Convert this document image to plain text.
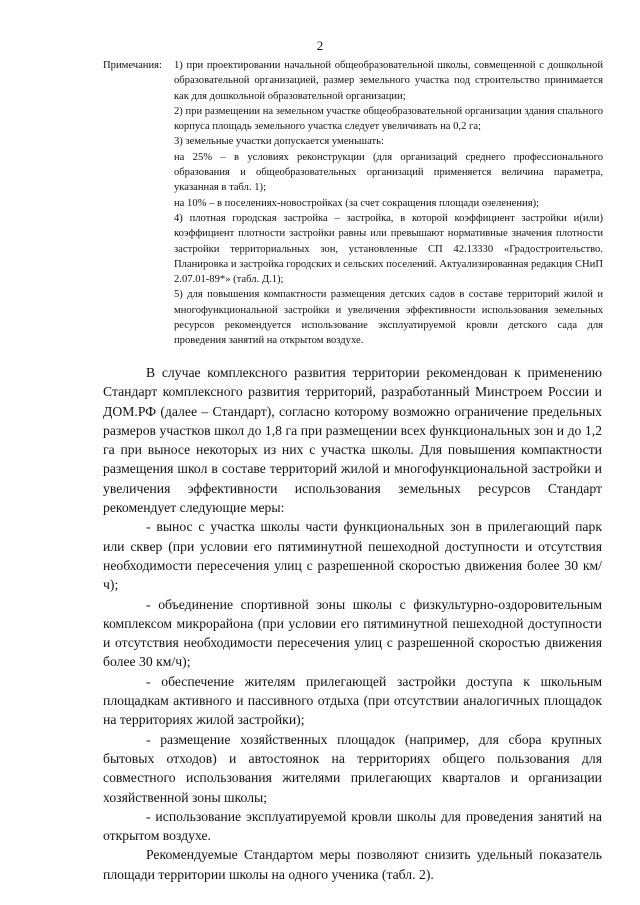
2
Примечания: 1) при проектировании начальной общеобразовательной школы, совмещенной с дошкольной образовательной организацией, размер земельного участка под строительство принимается как для дошкольной образовательной организации;
2) при размещении на земельном участке общеобразовательной организации здания спального корпуса площадь земельного участка следует увеличивать на 0,2 га;
3) земельные участки допускается уменьшать:
на 25% – в условиях реконструкции (для организаций среднего профессионального образования и общеобразовательных организаций применяется величина параметра, указанная в табл. 1);
на 10% – в поселениях-новостройках (за счет сокращения площади озеленения);
4) плотная городская застройка – застройка, в которой коэффициент застройки и(или) коэффициент плотности застройки равны или превышают нормативные значения плотности застройки территориальных зон, установленные СП 42.13330 «Градостроительство. Планировка и застройка городских и сельских поселений. Актуализированная редакция СНиП 2.07.01-89*» (табл. Д.1);
5) для повышения компактности размещения детских садов в составе территорий жилой и многофункциональной застройки и увеличения эффективности использования земельных ресурсов рекомендуется использование эксплуатируемой кровли детского сада для проведения занятий на открытом воздухе.

В случае комплексного развития территории рекомендован к применению Стандарт комплексного развития территорий, разработанный Минстроем России и ДОМ.РФ (далее – Стандарт), согласно которому возможно ограничение предельных размеров участков школ до 1,8 га при размещении всех функциональных зон и до 1,2 га при выносе некоторых из них с участка школы. Для повышения компактности размещения школ в составе территорий жилой и многофункциональной застройки и увеличения эффективности использования земельных ресурсов Стандарт рекомендует следующие меры:

- вынос с участка школы части функциональных зон в прилегающий парк или сквер (при условии его пятиминутной пешеходной доступности и отсутствия необходимости пересечения улиц с разрешенной скоростью движения более 30 км/ч);

- объединение спортивной зоны школы с физкультурно-оздоровительным комплексом микрорайона (при условии его пятиминутной пешеходной доступности и отсутствия необходимости пересечения улиц с разрешенной скоростью движения более 30 км/ч);

- обеспечение жителям прилегающей застройки доступа к школьным площадкам активного и пассивного отдыха (при отсутствии аналогичных площадок на территориях жилой застройки);

- размещение хозяйственных площадок (например, для сбора крупных бытовых отходов) и автостоянок на территориях общего пользования для совместного использования жителями прилегающих кварталов и организации хозяйственной зоны школы;

- использование эксплуатируемой кровли школы для проведения занятий на открытом воздухе.

Рекомендуемые Стандартом меры позволяют снизить удельный показатель площади территории школы на одного ученика (табл. 2).
